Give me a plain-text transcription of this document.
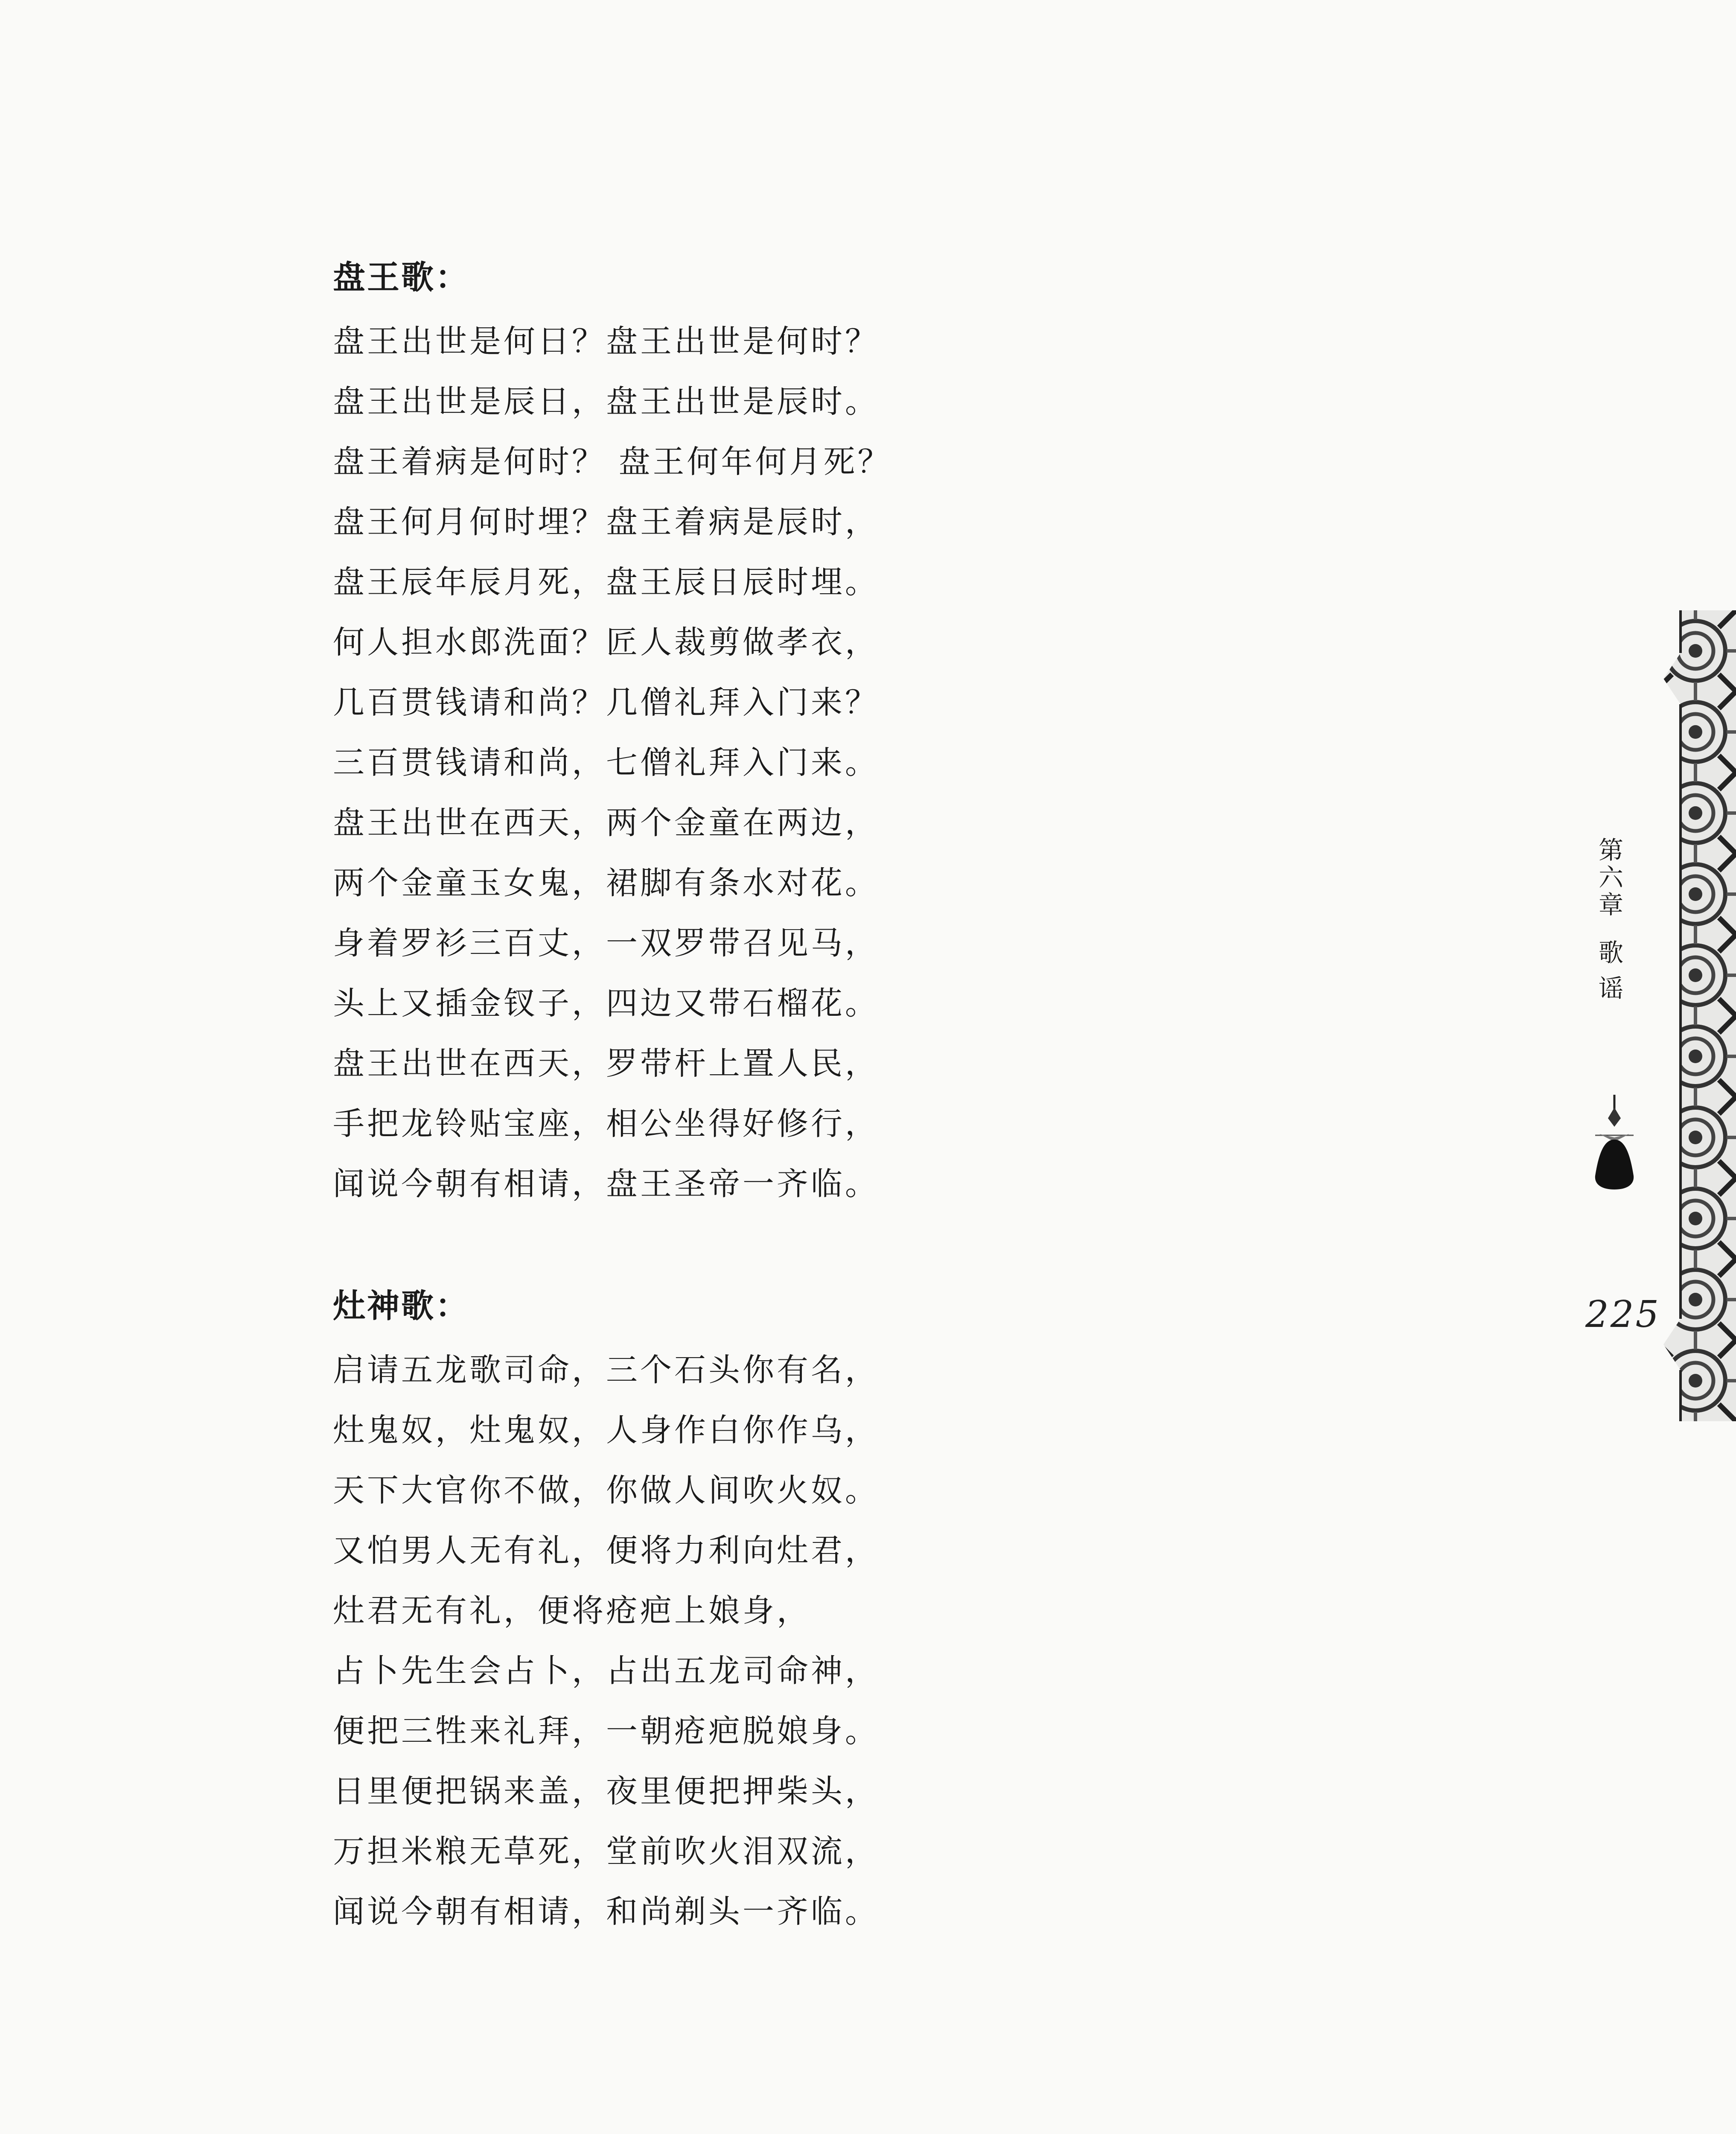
盘王歌：
盘王出世是何日？盘王出世是何时？
盘王出世是辰日，盘王出世是辰时。
盘王着病是何时？ 盘王何年何月死？
盘王何月何时埋？盘王着病是辰时，
盘王辰年辰月死，盘王辰日辰时埋。
何人担水郎洗面？匠人裁剪做孝衣，
几百贯钱请和尚？几僧礼拜入门来？
三百贯钱请和尚，七僧礼拜入门来。
盘王出世在西天，两个金童在两边，
两个金童玉女鬼，裙脚有条水对花。
身着罗衫三百丈，一双罗带召见马，
头上又插金钗子，四边又带石榴花。
盘王出世在西天，罗带杆上置人民，
手把龙铃贴宝座，相公坐得好修行，
闻说今朝有相请，盘王圣帝一齐临。
灶神歌：
启请五龙歌司命，三个石头你有名，
灶鬼奴，灶鬼奴，人身作白你作乌，
天下大官你不做，你做人间吹火奴。
又怕男人无有礼，便将力利向灶君，
灶君无有礼，便将疮疤上娘身，
占卜先生会占卜，占出五龙司命神，
便把三牲来礼拜，一朝疮疤脱娘身。
日里便把锅来盖，夜里便把押柴头，
万担米粮无草死，堂前吹火泪双流，
闻说今朝有相请，和尚剃头一齐临。
第
六
章
歌
谣
225
